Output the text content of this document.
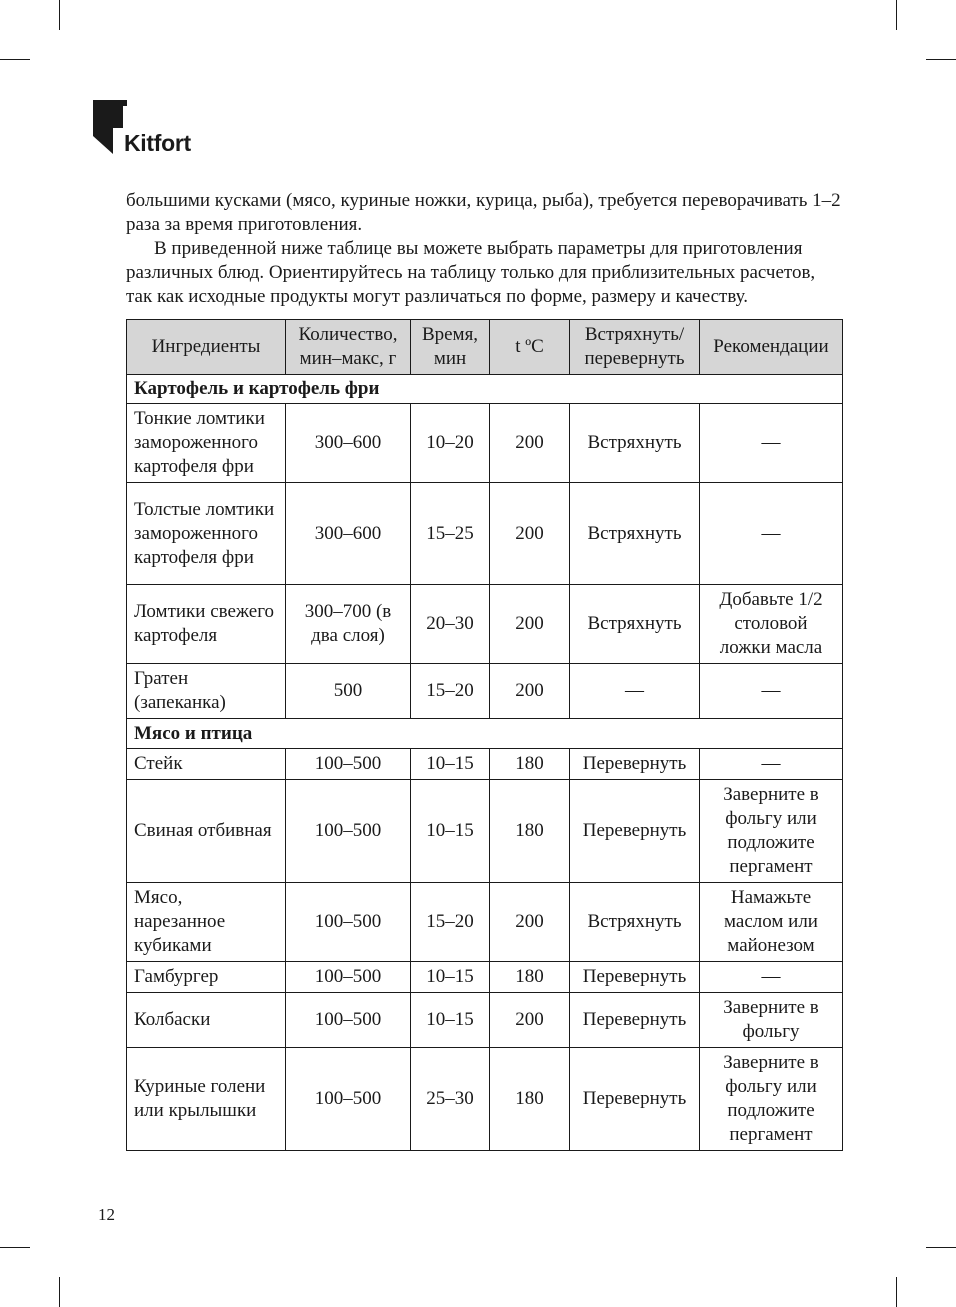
Kitfort

большими кусками (мясо, куриные ножки, курица, рыба), требуется переворачивать 1–2 раза за время приготовления.

В приведенной ниже таблице вы можете выбрать параметры для приготовления различных блюд. Ориентируйтесь на таблицу только для приблизительных расчетов, так как исходные продукты могут различаться по форме, размеру и качеству.

Ингредиенты	Количество, мин–макс, г	Время, мин	t ºC	Встряхнуть/ перевернуть	Рекомендации
Картофель и картофель фри					
Тонкие ломтики замороженного картофеля фри	300–600	10–20	200	Встряхнуть	—
Толстые ломтики замороженного картофеля фри	300–600	15–25	200	Встряхнуть	—
Ломтики свежего картофеля	300–700 (в два слоя)	20–30	200	Встряхнуть	Добавьте 1/2 столовой ложки масла
Гратен (запеканка)	500	15–20	200	—	—
Мясо и птица					
Стейк	100–500	10–15	180	Перевернуть	—
Свиная отбивная	100–500	10–15	180	Перевернуть	Заверните в фольгу или подложите пергамент
Мясо, нарезанное кубиками	100–500	15–20	200	Встряхнуть	Намажьте маслом или майонезом
Гамбургер	100–500	10–15	180	Перевернуть	—
Колбаски	100–500	10–15	200	Перевернуть	Заверните в фольгу
Куриные голени или крылышки	100–500	25–30	180	Перевернуть	Заверните в фольгу или подложите пергамент
12
